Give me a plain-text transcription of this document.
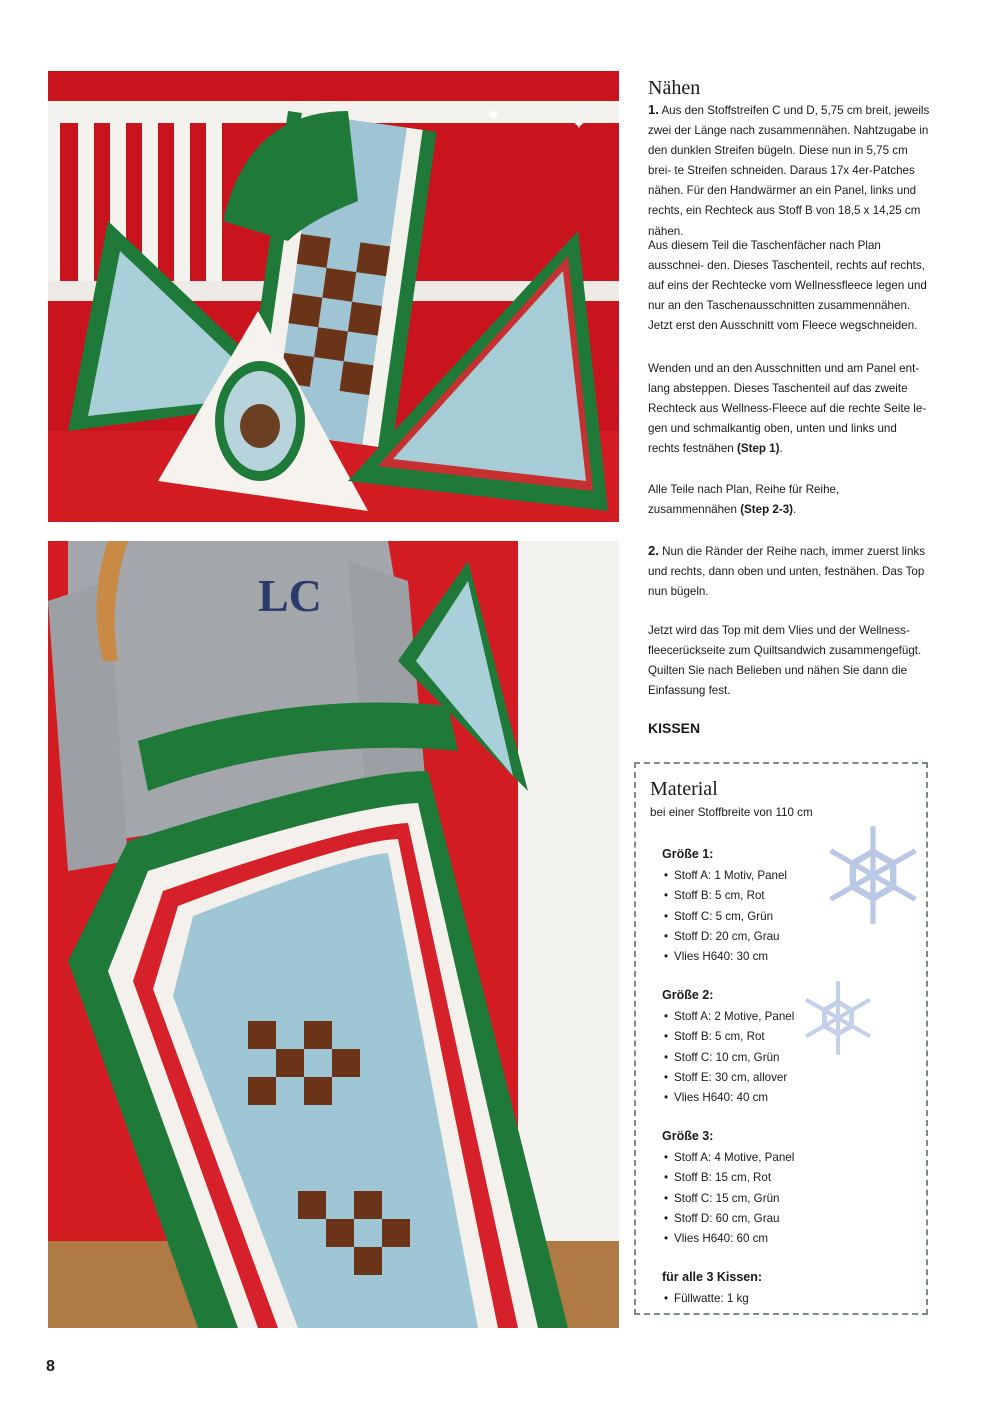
✦	✦
LC
Nähen

1. Aus den Stoffstreifen C und D, 5,75 cm breit, jeweils zwei der Länge nach zusammennähen. Nahtzugabe in den dunklen Streifen bügeln. Diese nun in 5,75 cm brei- te Streifen schneiden. Daraus 17x 4er-Patches nähen. Für den Handwärmer an ein Panel, links und rechts, ein Rechteck aus Stoff B von 18,5 x 14,25 cm nähen.

Aus diesem Teil die Taschenfächer nach Plan ausschnei- den. Dieses Taschenteil, rechts auf rechts, auf eins der Rechtecke vom Wellnessfleece legen und nur an den Taschenausschnitten zusammennähen. Jetzt erst den Ausschnitt vom Fleece wegschneiden.

Wenden und an den Ausschnitten und am Panel ent- lang absteppen. Dieses Taschenteil auf das zweite Rechteck aus Wellness-Fleece auf die rechte Seite le- gen und schmalkantig oben, unten und links und rechts festnähen (Step 1).

Alle Teile nach Plan, Reihe für Reihe, zusammennähen (Step 2-3).

2. Nun die Ränder der Reihe nach, immer zuerst links und rechts, dann oben und unten, festnähen. Das Top nun bügeln.

Jetzt wird das Top mit dem Vlies und der Wellness- fleecerückseite zum Quiltsandwich zusammengefügt. Quilten Sie nach Belieben und nähen Sie dann die Einfassung fest.

KISSEN
Material
bei einer Stoffbreite von 110 cm
Größe 1:
• Stoff A: 1 Motiv, Panel
• Stoff B: 5 cm, Rot
• Stoff C: 5 cm, Grün
• Stoff D: 20 cm, Grau
• Vlies H640: 30 cm
Größe 2:
• Stoff A: 2 Motive, Panel
• Stoff B: 5 cm, Rot
• Stoff C: 10 cm, Grün
• Stoff E: 30 cm, allover
• Vlies H640: 40 cm
Größe 3:
• Stoff A: 4 Motive, Panel
• Stoff B: 15 cm, Rot
• Stoff C: 15 cm, Grün
• Stoff D: 60 cm, Grau
• Vlies H640: 60 cm
für alle 3 Kissen:
• Füllwatte: 1 kg
8
